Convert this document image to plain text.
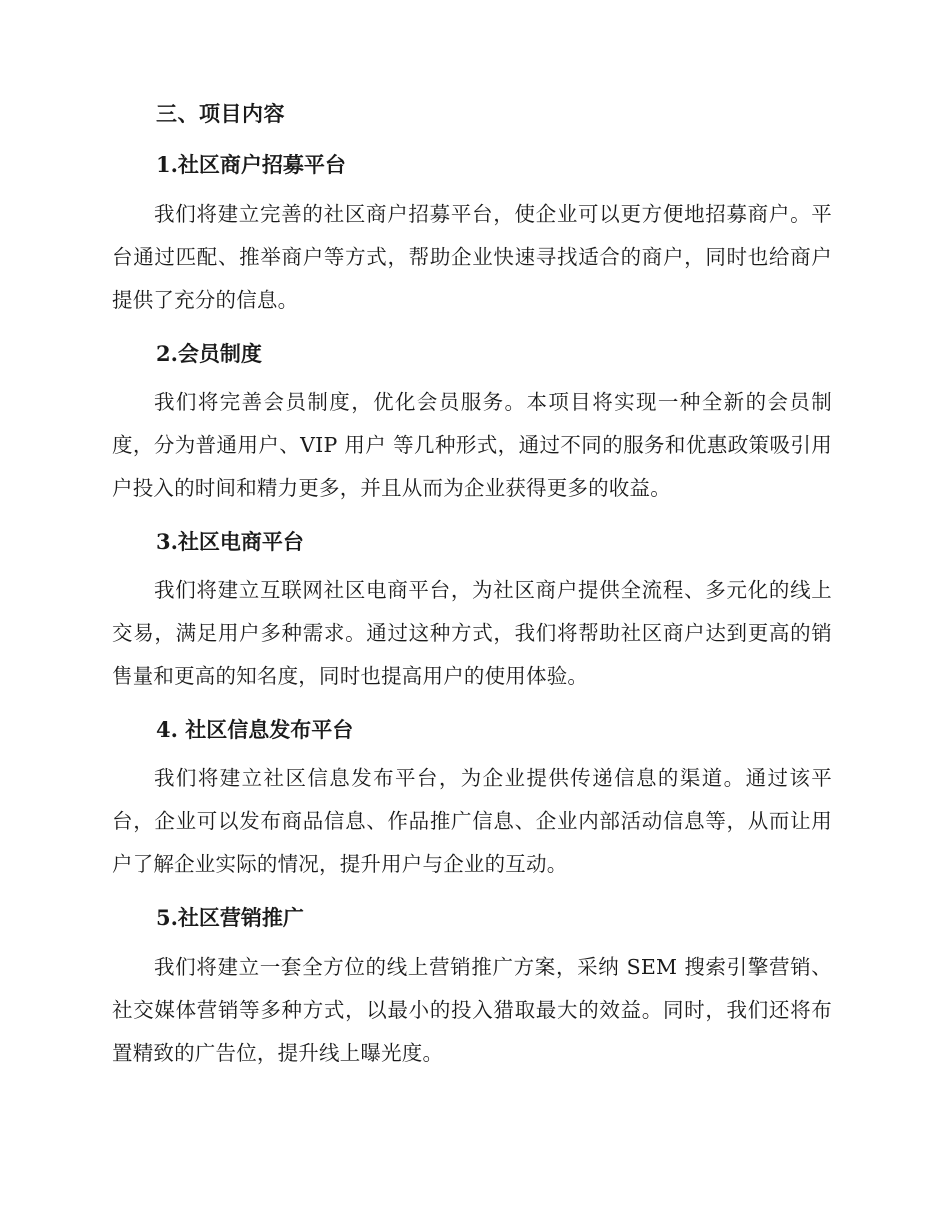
三、项目内容
1.社区商户招募平台

我们将建立完善的社区商户招募平台，使企业可以更方便地招募商户。平台通过匹配、推举商户等方式，帮助企业快速寻找适合的商户，同时也给商户提供了充分的信息。

2.会员制度

我们将完善会员制度，优化会员服务。本项目将实现一种全新的会员制度，分为普通用户、VIP 用户 等几种形式，通过不同的服务和优惠政策吸引用户投入的时间和精力更多，并且从而为企业获得更多的收益。

3.社区电商平台

我们将建立互联网社区电商平台，为社区商户提供全流程、多元化的线上交易，满足用户多种需求。通过这种方式，我们将帮助社区商户达到更高的销售量和更高的知名度，同时也提高用户的使用体验。

4. 社区信息发布平台

我们将建立社区信息发布平台，为企业提供传递信息的渠道。通过该平台，企业可以发布商品信息、作品推广信息、企业内部活动信息等，从而让用户了解企业实际的情况，提升用户与企业的互动。

5.社区营销推广

我们将建立一套全方位的线上营销推广方案，采纳 SEM 搜索引擎营销、社交媒体营销等多种方式，以最小的投入猎取最大的效益。同时，我们还将布置精致的广告位，提升线上曝光度。
